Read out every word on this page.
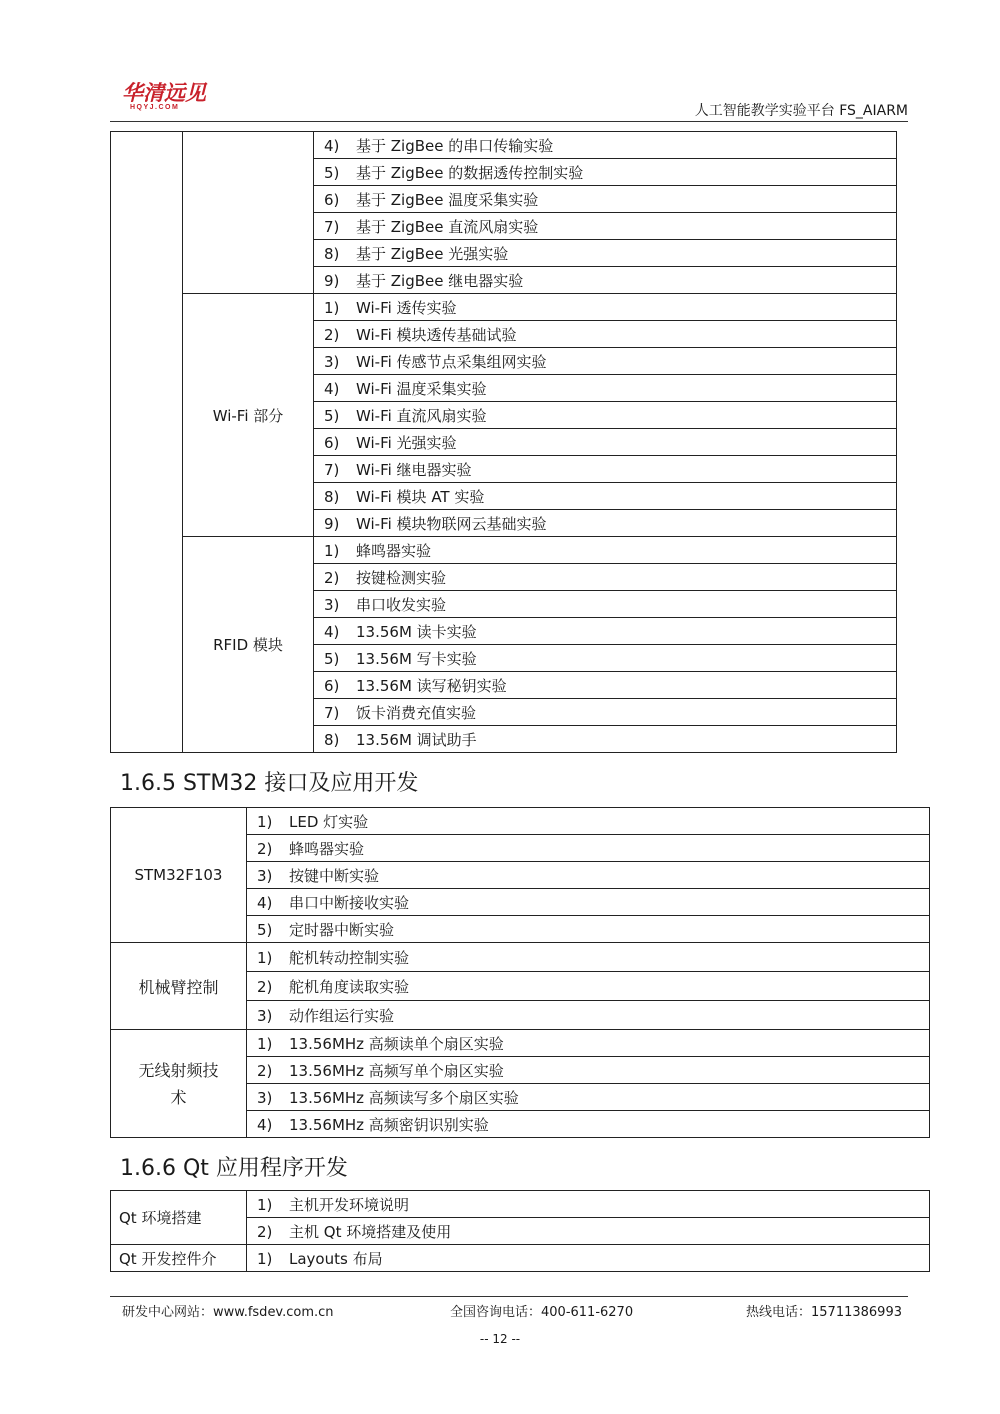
华清远见
HQYJ.COM	人工智能教学实验平台 FS_AIARM
		4) 基于 ZigBee 的串口传输实验
		5) 基于 ZigBee 的数据透传控制实验
		6) 基于 ZigBee 温度采集实验
		7) 基于 ZigBee 直流风扇实验
		8) 基于 ZigBee 光强实验
		9) 基于 ZigBee 继电器实验
	Wi-Fi 部分	1) Wi-Fi 透传实验
		2) Wi-Fi 模块透传基础试验
		3) Wi-Fi 传感节点采集组网实验
		4) Wi-Fi 温度采集实验
		5) Wi-Fi 直流风扇实验
		6) Wi-Fi 光强实验
		7) Wi-Fi 继电器实验
		8) Wi-Fi 模块 AT 实验
		9) Wi-Fi 模块物联网云基础实验
	RFID 模块	1) 蜂鸣器实验
		2) 按键检测实验
		3) 串口收发实验
		4) 13.56M 读卡实验
		5) 13.56M 写卡实验
		6) 13.56M 读写秘钥实验
		7) 饭卡消费充值实验
		8) 13.56M 调试助手
1.6.5 STM32 接口及应用开发
STM32F103	1) LED 灯实验
	2) 蜂鸣器实验
	3) 按键中断实验
	4) 串口中断接收实验
	5) 定时器中断实验
机械臂控制	1) 舵机转动控制实验
	2) 舵机角度读取实验
	3) 动作组运行实验

无线射频技
术	1) 13.56MHz 高频读单个扇区实验
	2) 13.56MHz 高频写单个扇区实验
	3) 13.56MHz 高频读写多个扇区实验
	4) 13.56MHz 高频密钥识别实验
1.6.6 Qt 应用程序开发
Qt 环境搭建	1) 主机开发环境说明
	2) 主机 Qt 环境搭建及使用
Qt 开发控件介	1) Layouts 布局
研发中心网站：www.fsdev.com.cn	全国咨询电话：400-611-6270	热线电话：15711386993
-- 12 --
